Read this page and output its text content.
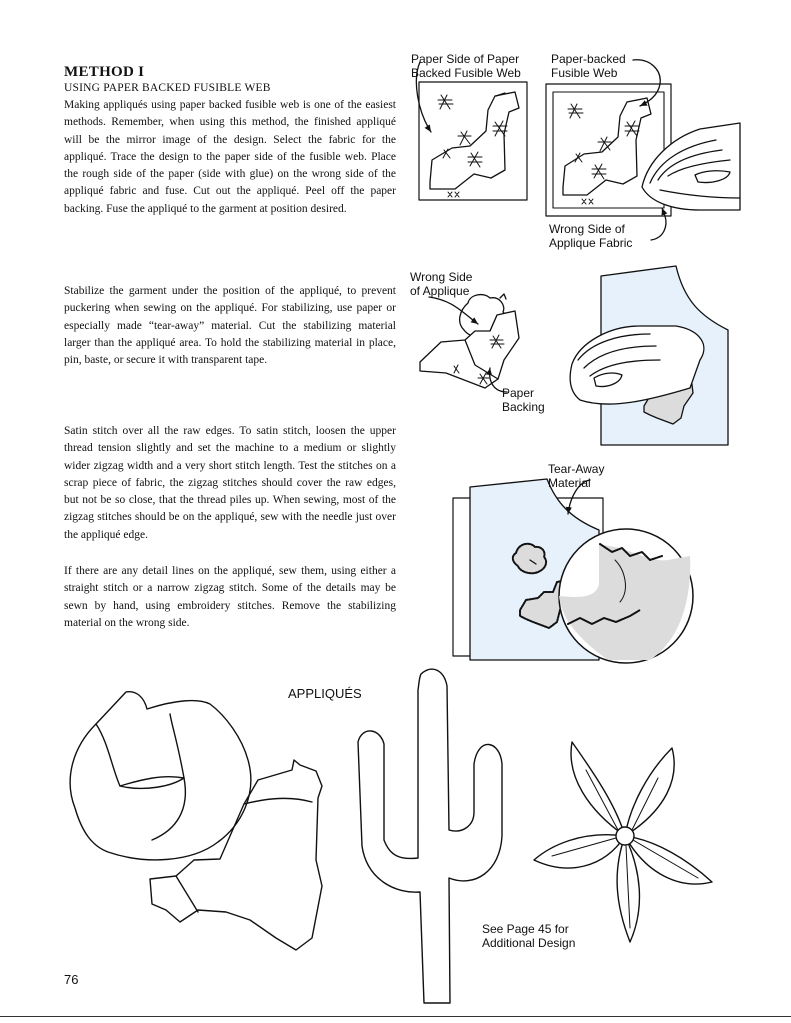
METHOD I
USING PAPER BACKED FUSIBLE WEB
Making appliqués using paper backed fusible web is one of the easiest methods. Remember, when using this method, the finished appliqué will be the mirror image of the design. Select the fabric for the appliqué. Trace the design to the paper side of the fusible web. Place the rough side of the paper (side with glue) on the wrong side of the appliqué fabric and fuse. Cut out the appliqué. Peel off the paper backing. Fuse the appliqué to the garment at position desired.
Stabilize the garment under the position of the appliqué, to prevent puckering when sewing on the appliqué. For stabilizing, use paper or especially made “tear-away” material. Cut the stabilizing material larger than the appliqué area. To hold the stabilizing material in place, pin, baste, or secure it with transparent tape.
Satin stitch over all the raw edges. To satin stitch, loosen the upper thread tension slightly and set the machine to a medium or slightly wider zigzag width and a very short stitch length. Test the stitches on a scrap piece of fabric, the zigzag stitches should cover the raw edges, but not be so close, that the thread piles up. When sewing, most of the zigzag stitches should be on the appliqué, sew with the needle just over the appliqué edge.
If there are any detail lines on the appliqué, sew them, using either a straight stitch or a narrow zigzag stitch. Some of the details may be sewn by hand, using embroidery stitches. Remove the stabilizing material on the wrong side.
Paper Side of Paper
Backed Fusible Web
Paper-backed
Fusible Web
Wrong Side of
Applique Fabric
Wrong Side
of Applique
Paper
Backing
Tear-Away
Material
APPLIQUÉS
See Page 45 for
Additional Design
76
